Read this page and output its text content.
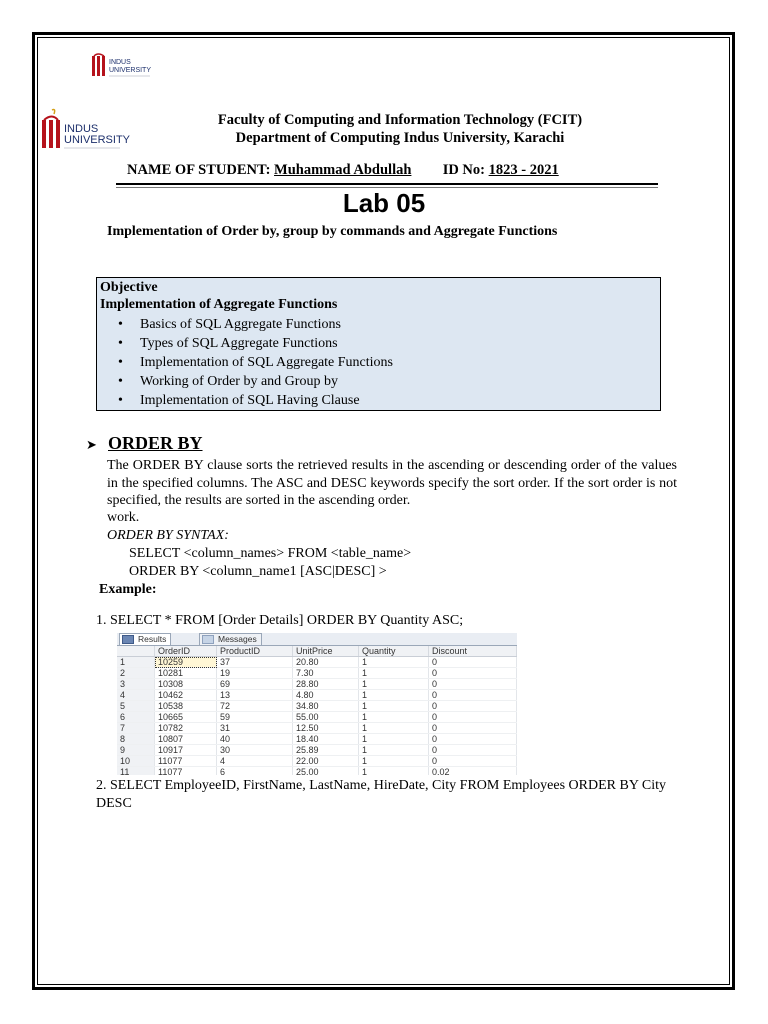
INDUS
UNIVERSITY
INDUS
UNIVERSITY
Faculty of Computing and Information Technology (FCIT)
Department of Computing Indus University, Karachi
NAME OF STUDENT: Muhammad Abdullah ID No: 1823 - 2021
Lab 05
Implementation of Order by, group by commands and Aggregate Functions
Objective
Implementation of Aggregate Functions
• Basics of SQL Aggregate Functions
• Types of SQL Aggregate Functions
• Implementation of SQL Aggregate Functions
• Working of Order by and Group by
• Implementation of SQL Having Clause
➤ ORDER BY
The ORDER BY clause sorts the retrieved results in the ascending or descending order of the values in the specified columns. The ASC and DESC keywords specify the sort order. If the sort order is not specified, the results are sorted in the ascending order.
work.
ORDER BY SYNTAX:
SELECT <column_names> FROM <table_name>
ORDER BY <column_name1 [ASC|DESC] >
Example:
1. SELECT * FROM [Order Details] ORDER BY Quantity ASC;
Results	Messages
	OrderID	ProductID	UnitPrice	Quantity	Discount
1	10259	37	20.80	1	0
2	10281	19	7.30	1	0
3	10308	69	28.80	1	0
4	10462	13	4.80	1	0
5	10538	72	34.80	1	0
6	10665	59	55.00	1	0
7	10782	31	12.50	1	0
8	10807	40	18.40	1	0
9	10917	30	25.89	1	0
10	11077	4	22.00	1	0
11	11077	6	25.00	1	0.02

2. SELECT EmployeeID, FirstName, LastName, HireDate, City FROM Employees ORDER BY City DESC
